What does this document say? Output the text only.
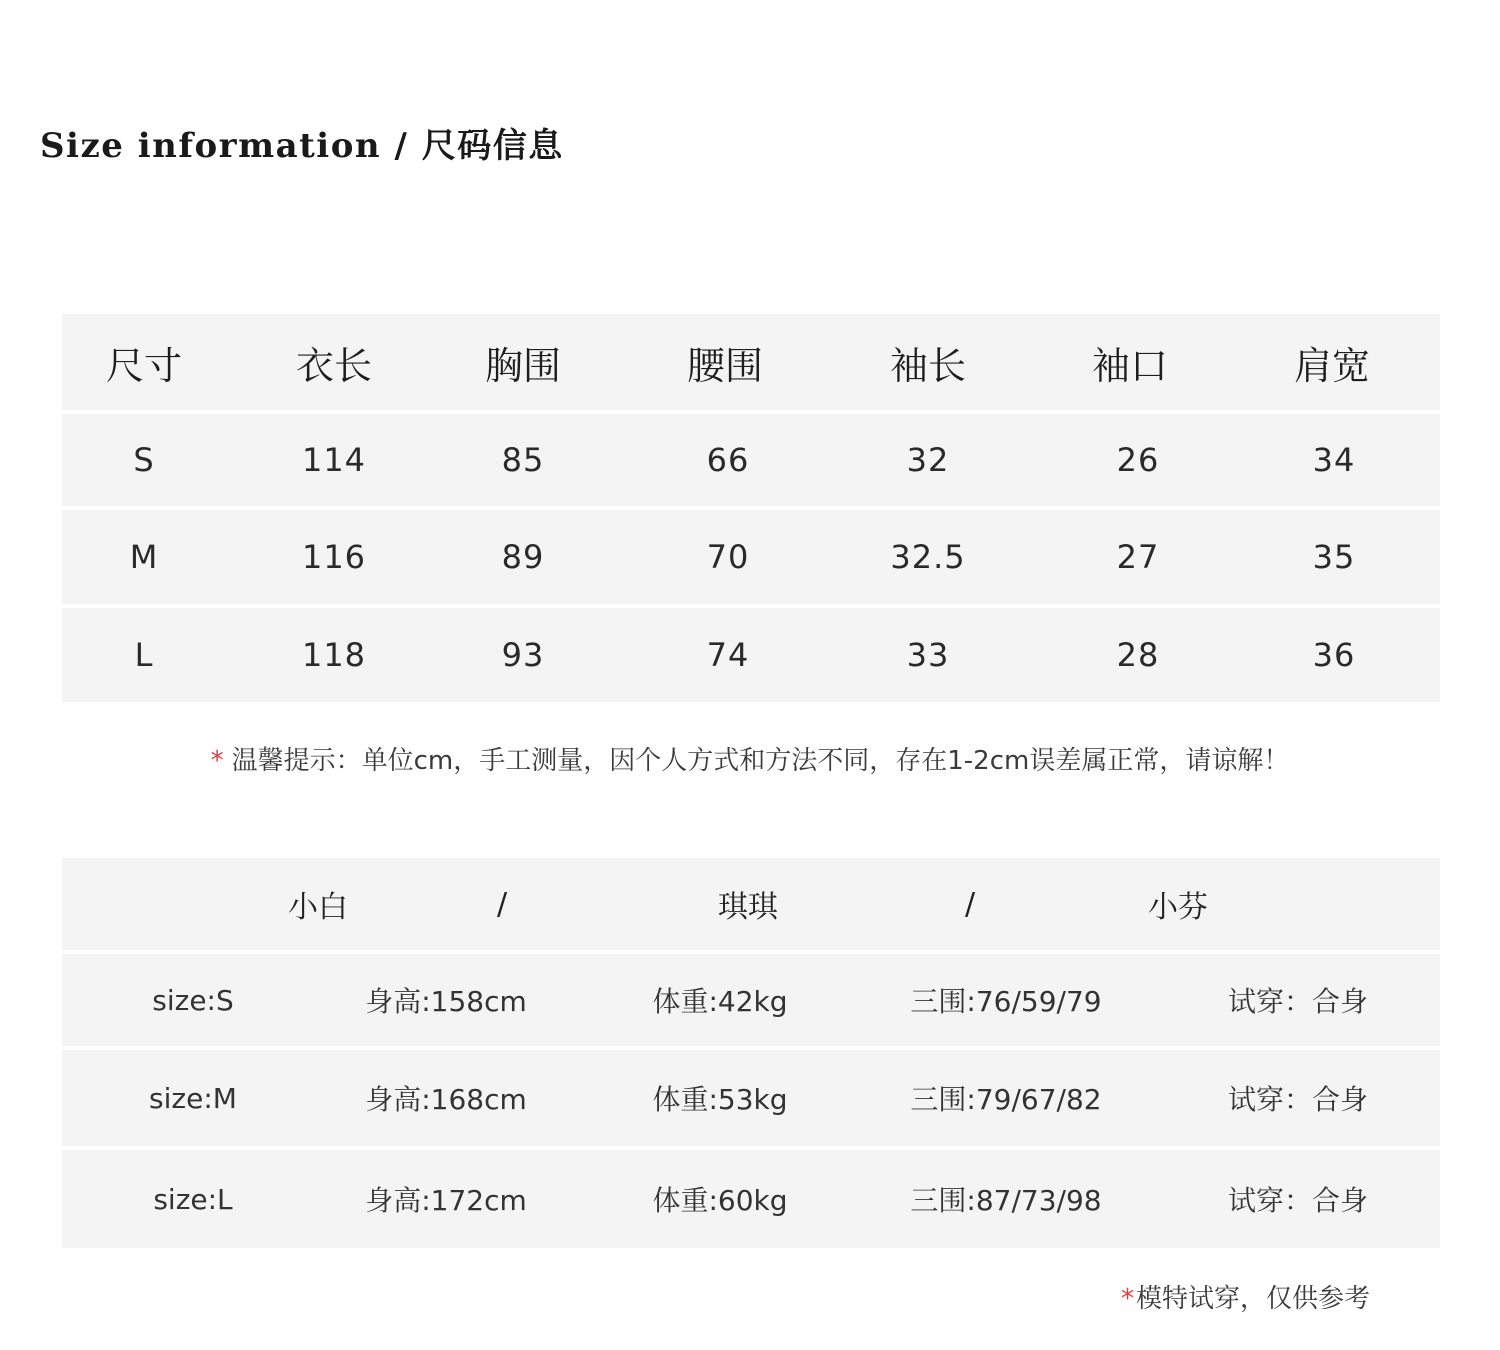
Size information / 尺码信息
尺寸	衣长	胸围	腰围	袖长	袖口	肩宽
S	114	85	66	32	26	34
M	116	89	70	32.5	27	35
L	118	93	74	33	28	36
* 温馨提示：单位cm，手工测量，因个人方式和方法不同，存在1-2cm误差属正常，请谅解！
小白	/	琪琪	/	小芬
size:S	身高:158cm	体重:42kg	三围:76/59/79	试穿：合身
size:M	身高:168cm	体重:53kg	三围:79/67/82	试穿：合身
size:L	身高:172cm	体重:60kg	三围:87/73/98	试穿：合身
*模特试穿，仅供参考
